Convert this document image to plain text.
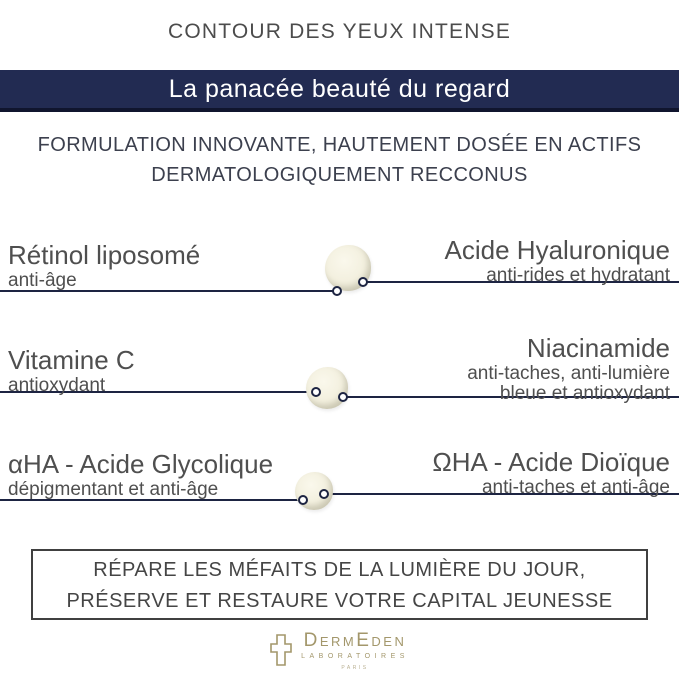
CONTOUR DES YEUX INTENSE
La panacée beauté du regard
FORMULATION INNOVANTE, HAUTEMENT DOSÉE EN ACTIFS
DERMATOLOGIQUEMENT RECCONUS
Rétinol liposomé
anti-âge
Acide Hyaluronique
anti-rides et hydratant
Vitamine C
antioxydant
Niacinamide
anti-taches, anti-lumière
bleue et antioxydant
αHA - Acide Glycolique
dépigmentant et anti-âge
ΩHA - Acide Dioïque
anti-taches et anti-âge
RÉPARE LES MÉFAITS DE LA LUMIÈRE DU JOUR,
PRÉSERVE ET RESTAURE VOTRE CAPITAL JEUNESSE
DermEden
LABORATOIRES
PARIS
